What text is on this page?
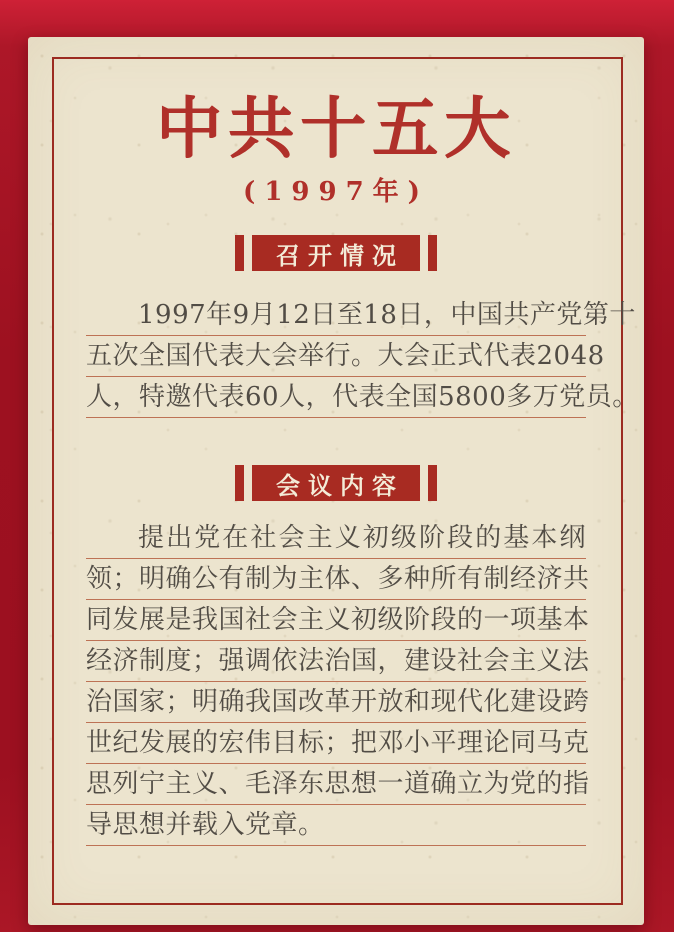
中共十五大
(1997年)
召开情况
1997年9月12日至18日，中国共产党第十
五次全国代表大会举行。大会正式代表2048
人，特邀代表60人，代表全国5800多万党员。
会议内容
提出党在社会主义初级阶段的基本纲
领；明确公有制为主体、多种所有制经济共
同发展是我国社会主义初级阶段的一项基本
经济制度；强调依法治国，建设社会主义法
治国家；明确我国改革开放和现代化建设跨
世纪发展的宏伟目标；把邓小平理论同马克
思列宁主义、毛泽东思想一道确立为党的指
导思想并载入党章。
